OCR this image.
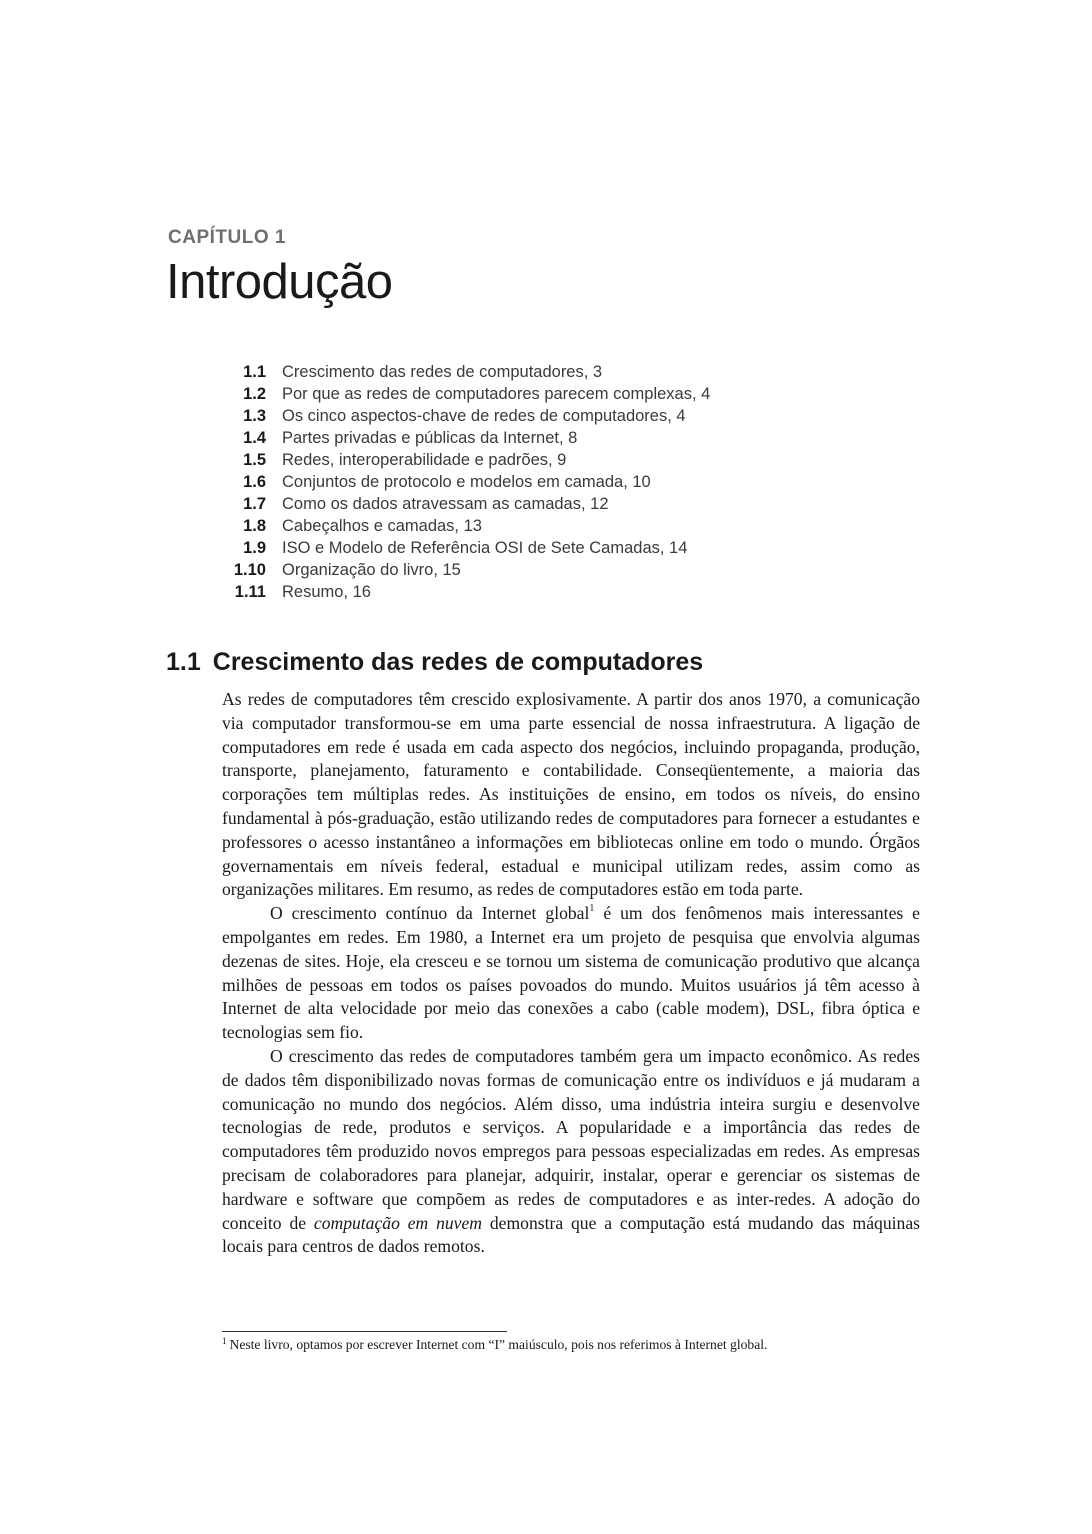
CAPÍTULO 1
Introdução
1.1 Crescimento das redes de computadores, 3
1.2 Por que as redes de computadores parecem complexas, 4
1.3 Os cinco aspectos-chave de redes de computadores, 4
1.4 Partes privadas e públicas da Internet, 8
1.5 Redes, interoperabilidade e padrões, 9
1.6 Conjuntos de protocolo e modelos em camada, 10
1.7 Como os dados atravessam as camadas, 12
1.8 Cabeçalhos e camadas, 13
1.9 ISO e Modelo de Referência OSI de Sete Camadas, 14
1.10 Organização do livro, 15
1.11 Resumo, 16
1.1 Crescimento das redes de computadores

As redes de computadores têm crescido explosivamente. A partir dos anos 1970, a comunicação via computador transformou-se em uma parte essencial de nossa infraestrutura. A ligação de computadores em rede é usada em cada aspecto dos negócios, incluindo propaganda, produção, transporte, planejamento, faturamento e contabilidade. Conseqüentemente, a maioria das corporações tem múltiplas redes. As instituições de ensino, em todos os níveis, do ensino fundamental à pós-graduação, estão utilizando redes de computadores para fornecer a estudantes e professores o acesso instantâneo a informações em bibliotecas online em todo o mundo. Órgãos governamentais em níveis federal, estadual e municipal utilizam redes, assim como as organizações militares. Em resumo, as redes de computadores estão em toda parte.

O crescimento contínuo da Internet global$^1$ é um dos fenômenos mais interessantes e empolgantes em redes. Em 1980, a Internet era um projeto de pesquisa que envolvia algumas dezenas de sites. Hoje, ela cresceu e se tornou um sistema de comunicação produtivo que alcança milhões de pessoas em todos os países povoados do mundo. Muitos usuários já têm acesso à Internet de alta velocidade por meio das conexões a cabo (cable modem), DSL, fibra óptica e tecnologias sem fio.

O crescimento das redes de computadores também gera um impacto econômico. As redes de dados têm disponibilizado novas formas de comunicação entre os indivíduos e já mudaram a comunicação no mundo dos negócios. Além disso, uma indústria inteira surgiu e desenvolve tecnologias de rede, produtos e serviços. A popularidade e a importância das redes de computadores têm produzido novos empregos para pessoas especializadas em redes. As empresas precisam de colaboradores para planejar, adquirir, instalar, operar e gerenciar os sistemas de hardware e software que compõem as redes de computadores e as inter-redes. A adoção do conceito de computação em nuvem demonstra que a computação está mudando das máquinas locais para centros de dados remotos.

$^1$ Neste livro, optamos por escrever Internet com “I” maiúsculo, pois nos referimos à Internet global.
